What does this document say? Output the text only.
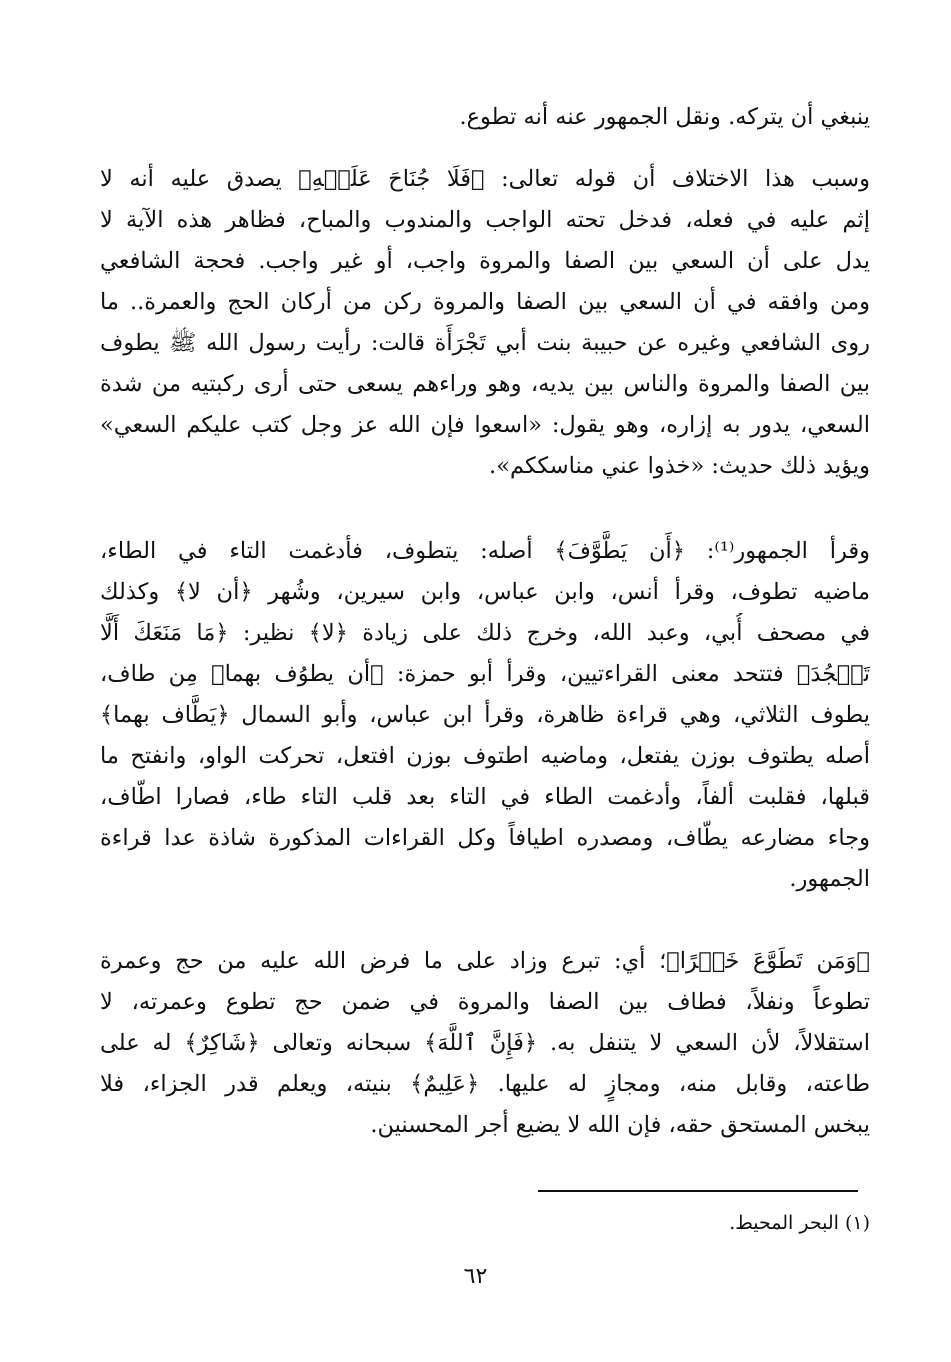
ينبغي أن يتركه. ونقل الجمهور عنه أنه تطوع.
وسبب هذا الاختلاف أن قوله تعالى: ﴿فَلَا جُنَاحَ عَلَيۡهِ﴾ يصدق عليه أنه لا
إثم عليه في فعله، فدخل تحته الواجب والمندوب والمباح، فظاهر هذه الآية لا
يدل على أن السعي بين الصفا والمروة واجب، أو غير واجب. فحجة الشافعي
ومن وافقه في أن السعي بين الصفا والمروة ركن من أركان الحج والعمرة.. ما
روى الشافعي وغيره عن حبيبة بنت أبي تَجْرَأَة قالت: رأيت رسول الله ﷺ يطوف
بين الصفا والمروة والناس بين يديه، وهو وراءهم يسعى حتى أرى ركبتيه من شدة
السعي، يدور به إزاره، وهو يقول: «اسعوا فإن الله عز وجل كتب عليكم السعي»
ويؤيد ذلك حديث: «خذوا عني مناسككم».
وقرأ الجمهور⁽¹⁾: ﴿أَن يَطَّوَّفَ﴾ أصله: يتطوف، فأدغمت التاء في الطاء،
ماضيه تطوف، وقرأ أنس، وابن عباس، وابن سيرين، وشُهر ﴿أن لا﴾ وكذلك
في مصحف أُبي، وعبد الله، وخرج ذلك على زيادة ﴿لا﴾ نظير: ﴿مَا مَنَعَكَ أَلَّا
تَسۡجُدَ﴾ فتتحد معنى القراءتيين، وقرأ أبو حمزة: ﴿أن يطوُف بهما﴾ مِن طاف،
يطوف الثلاثي، وهي قراءة ظاهرة، وقرأ ابن عباس، وأبو السمال ﴿يَطَّاف بهما﴾
أصله يطتوف بوزن يفتعل، وماضيه اطتوف بوزن افتعل، تحركت الواو، وانفتح ما
قبلها، فقلبت ألفاً، وأدغمت الطاء في التاء بعد قلب التاء طاء، فصارا اطّاف،
وجاء مضارعه يطّاف، ومصدره اطيافاً وكل القراءات المذكورة شاذة عدا قراءة
الجمهور.
﴿وَمَن تَطَوَّعَ خَيۡرًا﴾؛ أي: تبرع وزاد على ما فرض الله عليه من حج وعمرة
تطوعاً ونفلاً، فطاف بين الصفا والمروة في ضمن حج تطوع وعمرته، لا
استقلالاً، لأن السعي لا يتنفل به. ﴿فَإِنَّ ٱللَّهَ﴾ سبحانه وتعالى ﴿شَاكِرٌ﴾ له على
طاعته، وقابل منه، ومجازٍ له عليها. ﴿عَلِيمٌ﴾ بنيته، ويعلم قدر الجزاء، فلا
يبخس المستحق حقه، فإن الله لا يضيع أجر المحسنين.
(١) البحر المحيط.
٦٢
